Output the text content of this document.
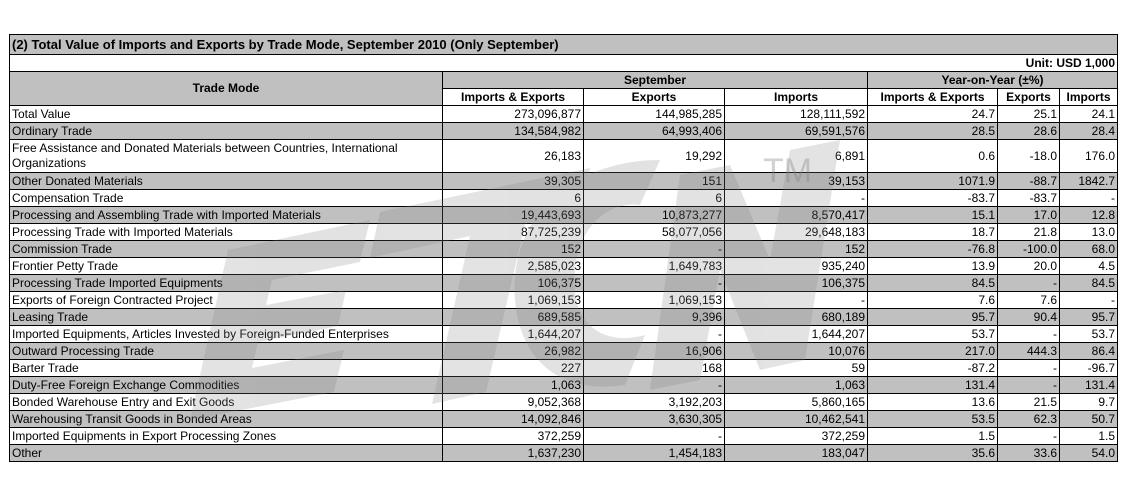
(2) Total Value of Imports and Exports by Trade Mode, September 2010 (Only September)						
Unit: USD 1,000						
Trade Mode	September			Year-on-Year (±%)		
	Imports & Exports	Exports	Imports	Imports & Exports	Exports	Imports
Total Value	273,096,877	144,985,285	128,111,592	24.7	25.1	24.1
Ordinary Trade	134,584,982	64,993,406	69,591,576	28.5	28.6	28.4
Free Assistance and Donated Materials between Countries, International Organizations	26,183	19,292	6,891	0.6	-18.0	176.0
Other Donated Materials	39,305	151	39,153	1071.9	-88.7	1842.7
Compensation Trade	6	6	-	-83.7	-83.7	-
Processing and Assembling Trade with Imported Materials	19,443,693	10,873,277	8,570,417	15.1	17.0	12.8
Processing Trade with Imported Materials	87,725,239	58,077,056	29,648,183	18.7	21.8	13.0
Commission Trade	152	-	152	-76.8	-100.0	68.0
Frontier Petty Trade	2,585,023	1,649,783	935,240	13.9	20.0	4.5
Processing Trade Imported Equipments	106,375	-	106,375	84.5	-	84.5
Exports of Foreign Contracted Project	1,069,153	1,069,153	-	7.6	7.6	-
Leasing Trade	689,585	9,396	680,189	95.7	90.4	95.7
Imported Equipments, Articles Invested by Foreign-Funded Enterprises	1,644,207	-	1,644,207	53.7	-	53.7
Outward Processing Trade	26,982	16,906	10,076	217.0	444.3	86.4
Barter Trade	227	168	59	-87.2	-	-96.7
Duty-Free Foreign Exchange Commodities	1,063	-	1,063	131.4	-	131.4
Bonded Warehouse Entry and Exit Goods	9,052,368	3,192,203	5,860,165	13.6	21.5	9.7
Warehousing Transit Goods in Bonded Areas	14,092,846	3,630,305	10,462,541	53.5	62.3	50.7
Imported Equipments in Export Processing Zones	372,259	-	372,259	1.5	-	1.5
Other	1,637,230	1,454,183	183,047	35.6	33.6	54.0
TM
